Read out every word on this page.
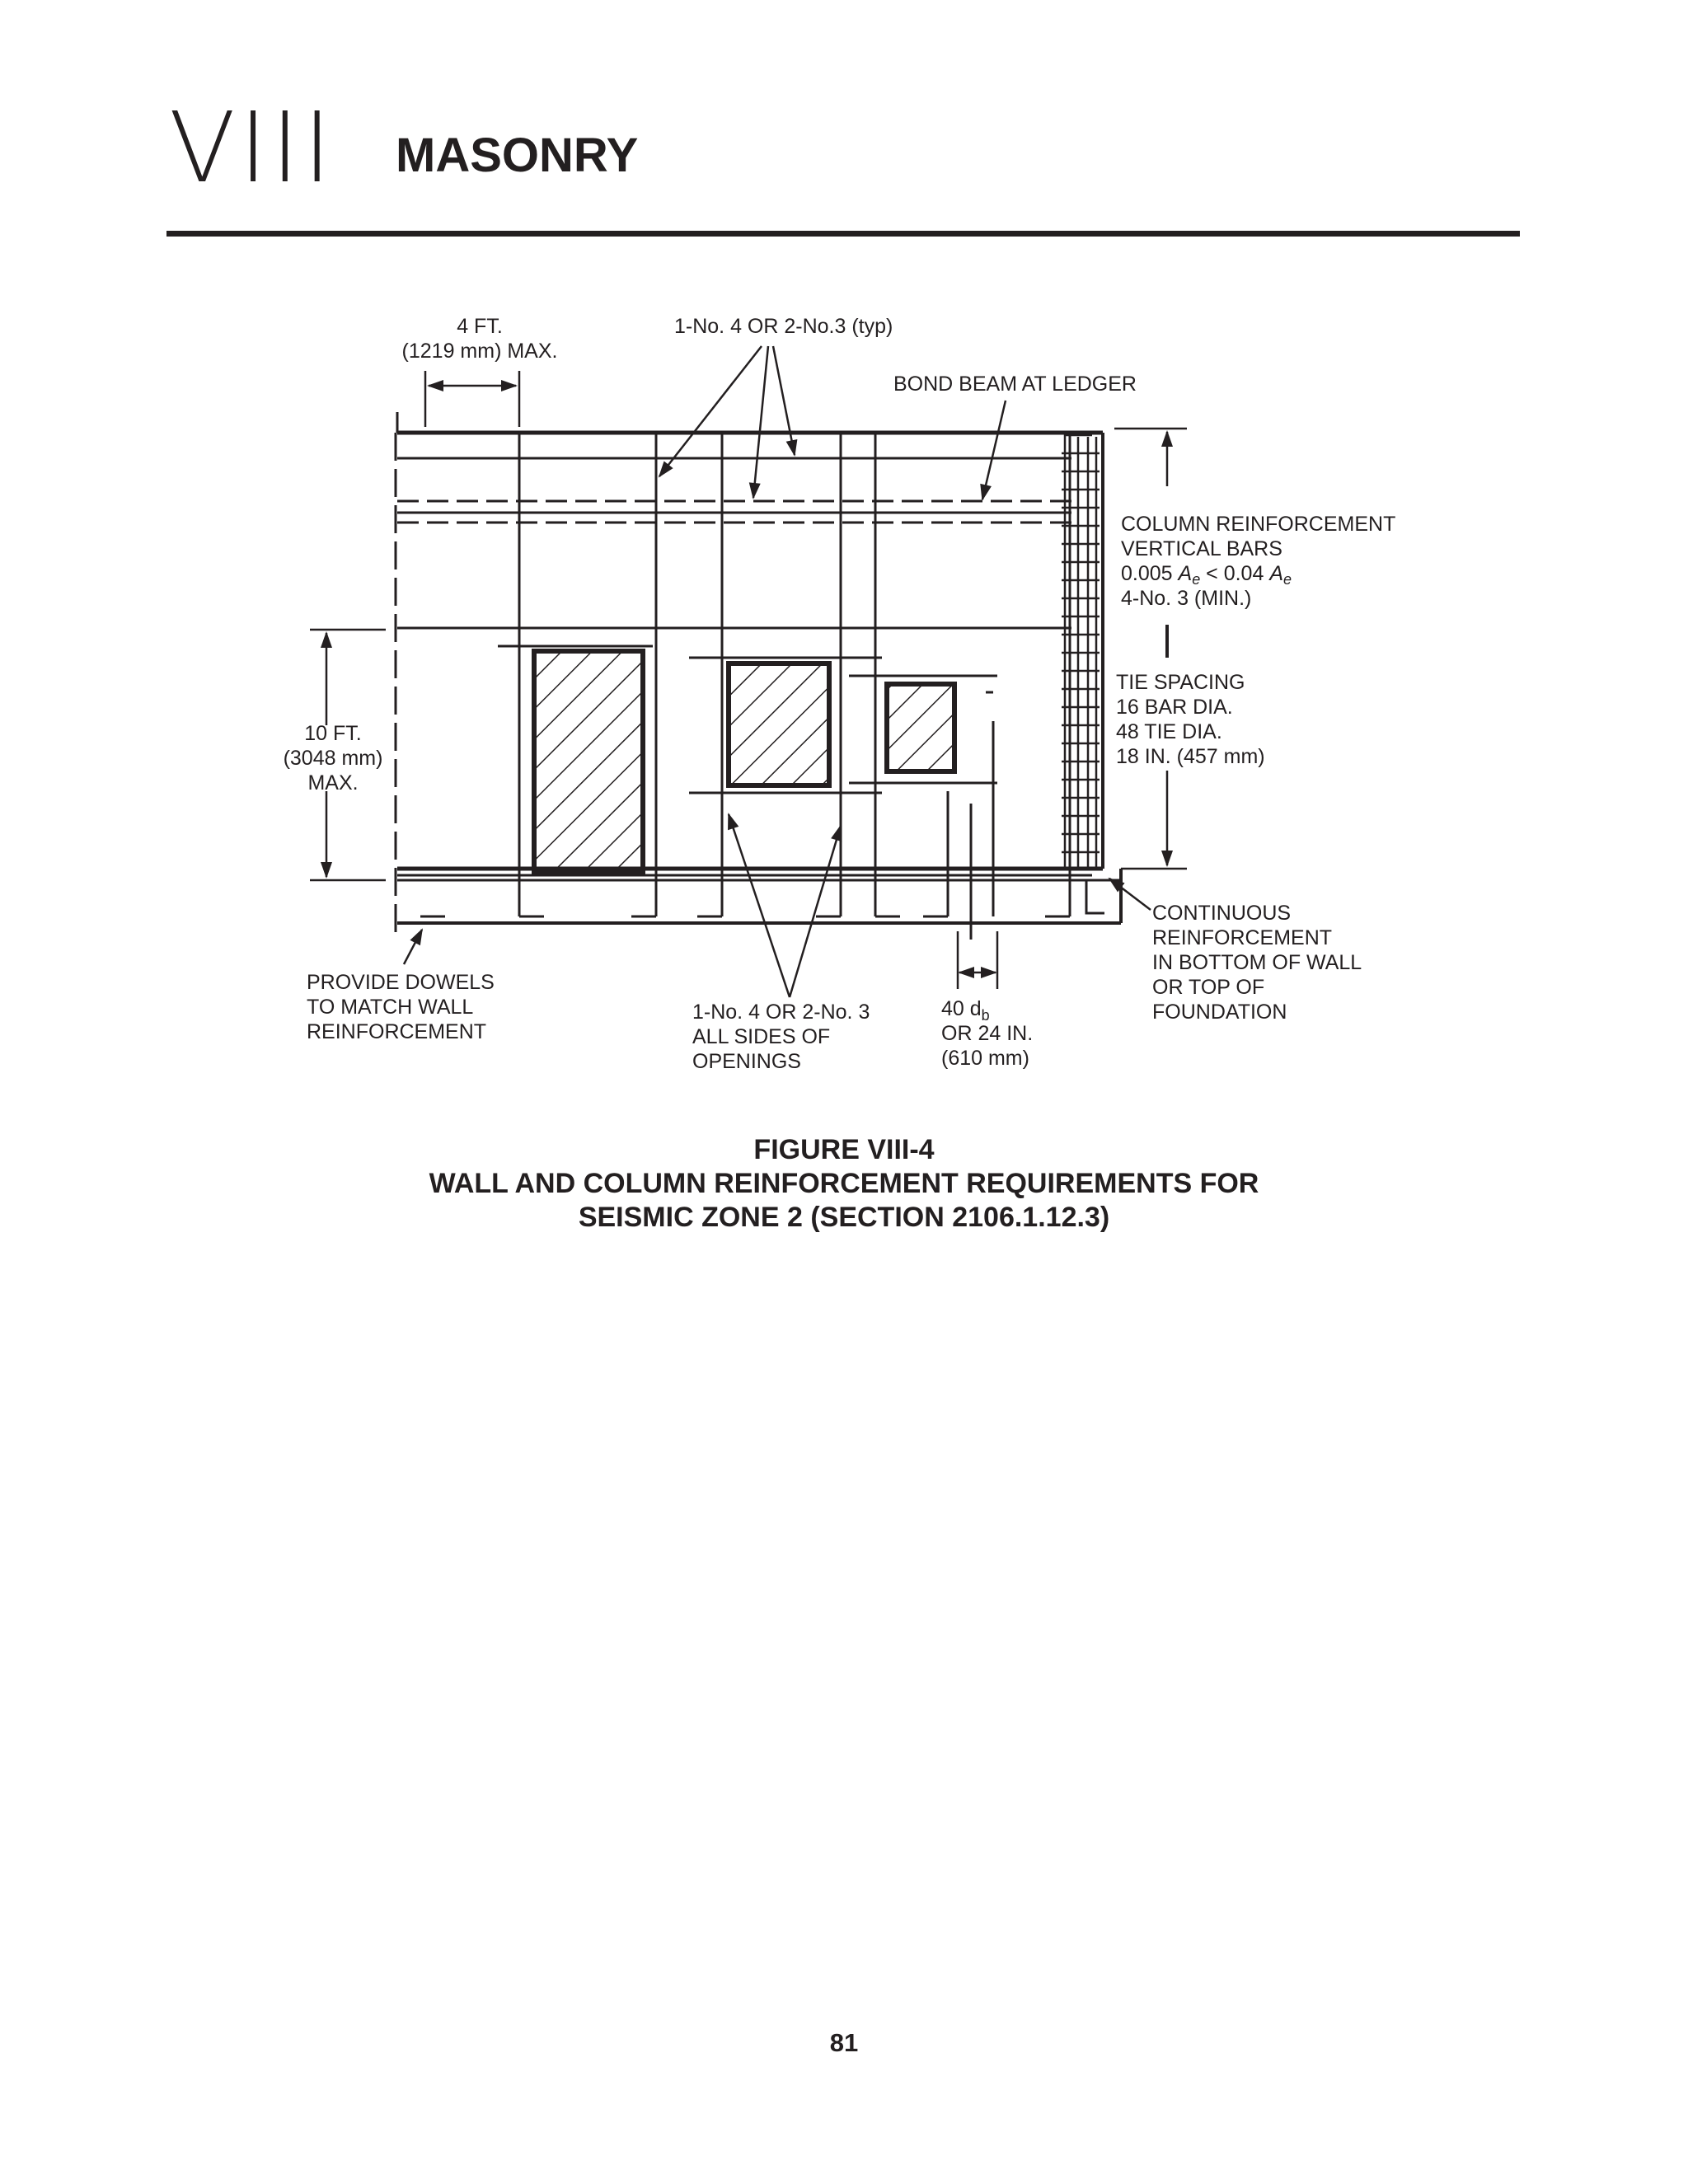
VIII MASONRY
4 FT.
(1219 mm) MAX.
1-No. 4 OR 2-No.3 (typ)
BOND BEAM AT LEDGER
COLUMN REINFORCEMENT
VERTICAL BARS
0.005 $A_e < 0.04$ $A_e$
4-No. 3 (MIN.)
TIE SPACING
16 BAR DIA.
48 TIE DIA.
18 IN. (457 mm)
10 FT.
(3048 mm)
MAX.
PROVIDE DOWELS
TO MATCH WALL
REINFORCEMENT
1-No. 4 OR 2-No. 3
ALL SIDES OF
OPENINGS
40 $d_b$
OR 24 IN.
(610 mm)
CONTINUOUS
REINFORCEMENT
IN BOTTOM OF WALL
OR TOP OF
FOUNDATION
FIGURE VIII-4
WALL AND COLUMN REINFORCEMENT REQUIREMENTS FOR
SEISMIC ZONE 2 (SECTION 2106.1.12.3)
81
